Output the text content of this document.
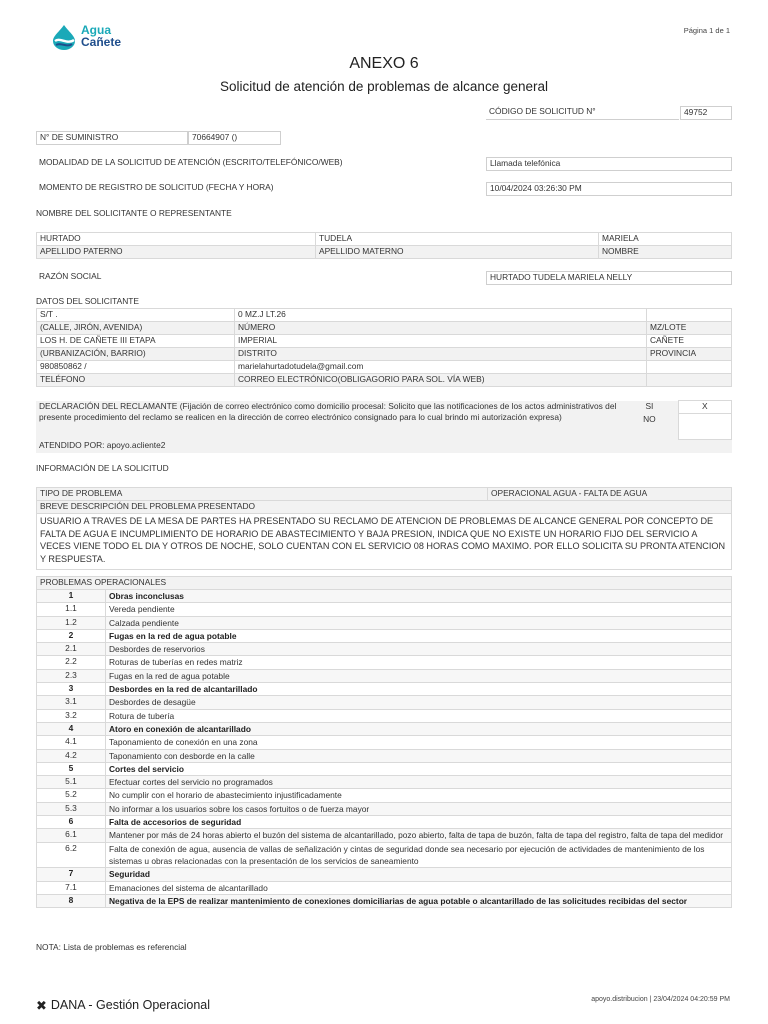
Agua
Cañete
Página 1 de 1
ANEXO 6
Solicitud de atención de problemas de alcance general
CÓDIGO DE SOLICITUD N°	49752
N° DE SUMINISTRO	70664907 ()
MODALIDAD DE LA SOLICITUD DE ATENCIÓN (ESCRITO/TELEFÓNICO/WEB)	Llamada telefónica
MOMENTO DE REGISTRO DE SOLICITUD (FECHA Y HORA)	10/04/2024 03:26:30 PM
NOMBRE DEL SOLICITANTE O REPRESENTANTE
HURTADO	TUDELA	MARIELA
APELLIDO PATERNO	APELLIDO MATERNO	NOMBRE
RAZÓN SOCIAL	HURTADO TUDELA MARIELA NELLY
DATOS DEL SOLICITANTE
S/T .	0 MZ.J LT.26	
(CALLE, JIRÓN, AVENIDA)	NÚMERO	MZ/LOTE
LOS H. DE CAÑETE III ETAPA	IMPERIAL	CAÑETE
(URBANIZACIÓN, BARRIO)	DISTRITO	PROVINCIA
980850862 /	marielahurtadotudela@gmail.com	
TELÉFONO	CORREO ELECTRÓNICO(OBLIGAGORIO PARA SOL. VÍA WEB)	
DECLARACIÓN DEL RECLAMANTE (Fijación de correo electrónico como domicilio procesal: Solicito que las notificaciones de los actos administrativos del presente procedimiento del reclamo se realicen en la dirección de correo electrónico consignado para lo cual brindo mi autorización expresa)	SI	X
	NO	
ATENDIDO POR: apoyo.acliente2		
INFORMACIÓN DE LA SOLICITUD
TIPO DE PROBLEMA	OPERACIONAL AGUA - FALTA DE AGUA
BREVE DESCRIPCIÓN DEL PROBLEMA PRESENTADO
USUARIO A TRAVES DE LA MESA DE PARTES HA PRESENTADO SU RECLAMO DE ATENCION DE PROBLEMAS DE ALCANCE GENERAL POR CONCEPTO DE FALTA DE AGUA E INCUMPLIMIENTO DE HORARIO DE ABASTECIMIENTO Y BAJA PRESION, INDICA QUE NO EXISTE UN HORARIO FIJO DEL SERVICIO A VECES VIENE TODO EL DIA Y OTROS DE NOCHE, SOLO CUENTAN CON EL SERVICIO 08 HORAS COMO MAXIMO. POR ELLO SOLICITA SU PRONTA ATENCION Y RESPUESTA.
PROBLEMAS OPERACIONALES	
1	Obras inconclusas
1.1	Vereda pendiente
1.2	Calzada pendiente
2	Fugas en la red de agua potable
2.1	Desbordes de reservorios
2.2	Roturas de tuberías en redes matriz
2.3	Fugas en la red de agua potable
3	Desbordes en la red de alcantarillado
3.1	Desbordes de desagüe
3.2	Rotura de tubería
4	Atoro en conexión de alcantarillado
4.1	Taponamiento de conexión en una zona
4.2	Taponamiento con desborde en la calle
5	Cortes del servicio
5.1	Efectuar cortes del servicio no programados
5.2	No cumplir con el horario de abastecimiento injustificadamente
5.3	No informar a los usuarios sobre los casos fortuitos o de fuerza mayor
6	Falta de accesorios de seguridad
6.1	Mantener por más de 24 horas abierto el buzón del sistema de alcantarillado, pozo abierto, falta de tapa de buzón, falta de tapa del registro, falta de tapa del medidor
6.2	Falta de conexión de agua, ausencia de vallas de señalización y cintas de seguridad donde sea necesario por ejecución de actividades de mantenimiento de los sistemas u obras relacionadas con la presentación de los servicios de saneamiento
7	Seguridad
7.1	Emanaciones del sistema de alcantarillado
8	Negativa de la EPS de realizar mantenimiento de conexiones domiciliarias de agua potable o alcantarillado de las solicitudes recibidas del sector
NOTA: Lista de problemas es referencial
✖ DANA - Gestión Operacional	apoyo.distribucion | 23/04/2024 04:20:59 PM
